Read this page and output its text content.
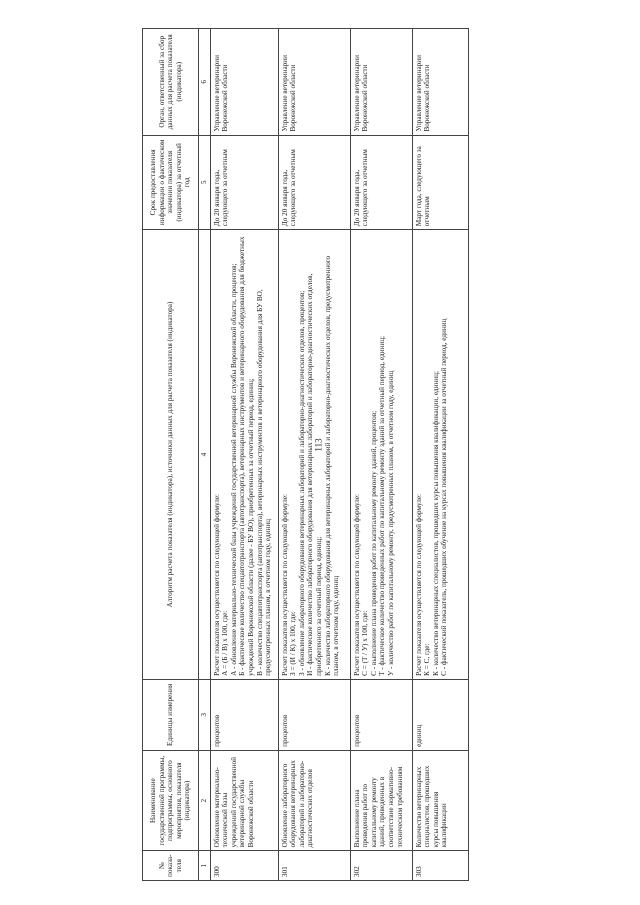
113
№ показа-теля	Наименование государственной программы, подпрограммы, основного мероприятия, показателя (индикатора)	Единицы измерения	Алгоритм расчета показателя (индикатора), источники данных для расчета показателя (индикатора)	Срок предоставления информации о фактическом значении показателя (индикатора) за отчетный год	Орган, ответственный за сбор данных для расчета показателя (индикатора)
1	2	3	4	5	6
300	Обновление материально-технической базы учреждений государственной ветеринарной службы Воронежской области	процентов	Расчет показателя осуществляется по следующей формуле: А = (Б / В) х 100, где: А - обновление материально-технической базы учреждений государственной ветеринарной службы Воронежской области, процентов; Б - фактическое количество спецавтотранспорта (автотранспорта), ветеринарных инструментов и ветеринарного оборудования для бюджетных учреждений Воронежской области (далее - БУ ВО), приобретенных за отчетный период, единиц; В - количество спецавтотранспорта (автотранспорта), ветеринарных инструментов и ветеринарного оборудования для БУ ВО, предусмотренных планом, в отчетном году, единиц	До 20 января года, следующего за отчетным	Управление ветеринарии Воронежской области
301	Обновление лабораторного оборудования ветеринарных лабораторий и лабораторно-диагностических отделов	процентов	Расчет показателя осуществляется по следующей формуле: З = (И / К) х 100, где: З - обновление лабораторного оборудования ветеринарных лабораторий и лабораторно-диагностических отделов, процентов; И - фактическое количество лабораторного оборудования для ветеринарных лабораторий и лабораторно-диагностических отделов, приобретенного за отчетный период, единиц; К - количество лабораторного оборудования для ветеринарных лабораторий и лабораторно-диагностических отделов, предусмотренного планом, в отчетном году, единиц	До 20 января года, следующего за отчетным	Управление ветеринарии Воронежской области
302	Выполнение плана проведения работ по капитальному ремонту зданий, приведенных в соответствие нормативно-техническим требованиям	процентов	Расчет показателя осуществляется по следующей формуле: С = (Т / У) х 100, где: С - выполнение плана проведения работ по капитальному ремонту зданий, процентов; Т - фактическое количество проведенных работ по капитальному ремонту зданий за отчетный период, единиц; У - количество работ по капитальному ремонту, предусмотренных планом, в отчетном году, единиц	До 20 января года, следующего за отчетным	Управление ветеринарии Воронежской области
303	Количество ветеринарных специалистов, прошедших курсы повышения квалификации	единиц	Расчет показателя осуществляется по следующей формуле: К = С, где: К - количество ветеринарных специалистов, прошедших курсы повышения квалификации, единиц; С - фактический показатель, прошедших обучение на курсах повышения квалификации за отчетный период, единиц	Март года, следующего за отчетным	Управление ветеринарии Воронежской области
